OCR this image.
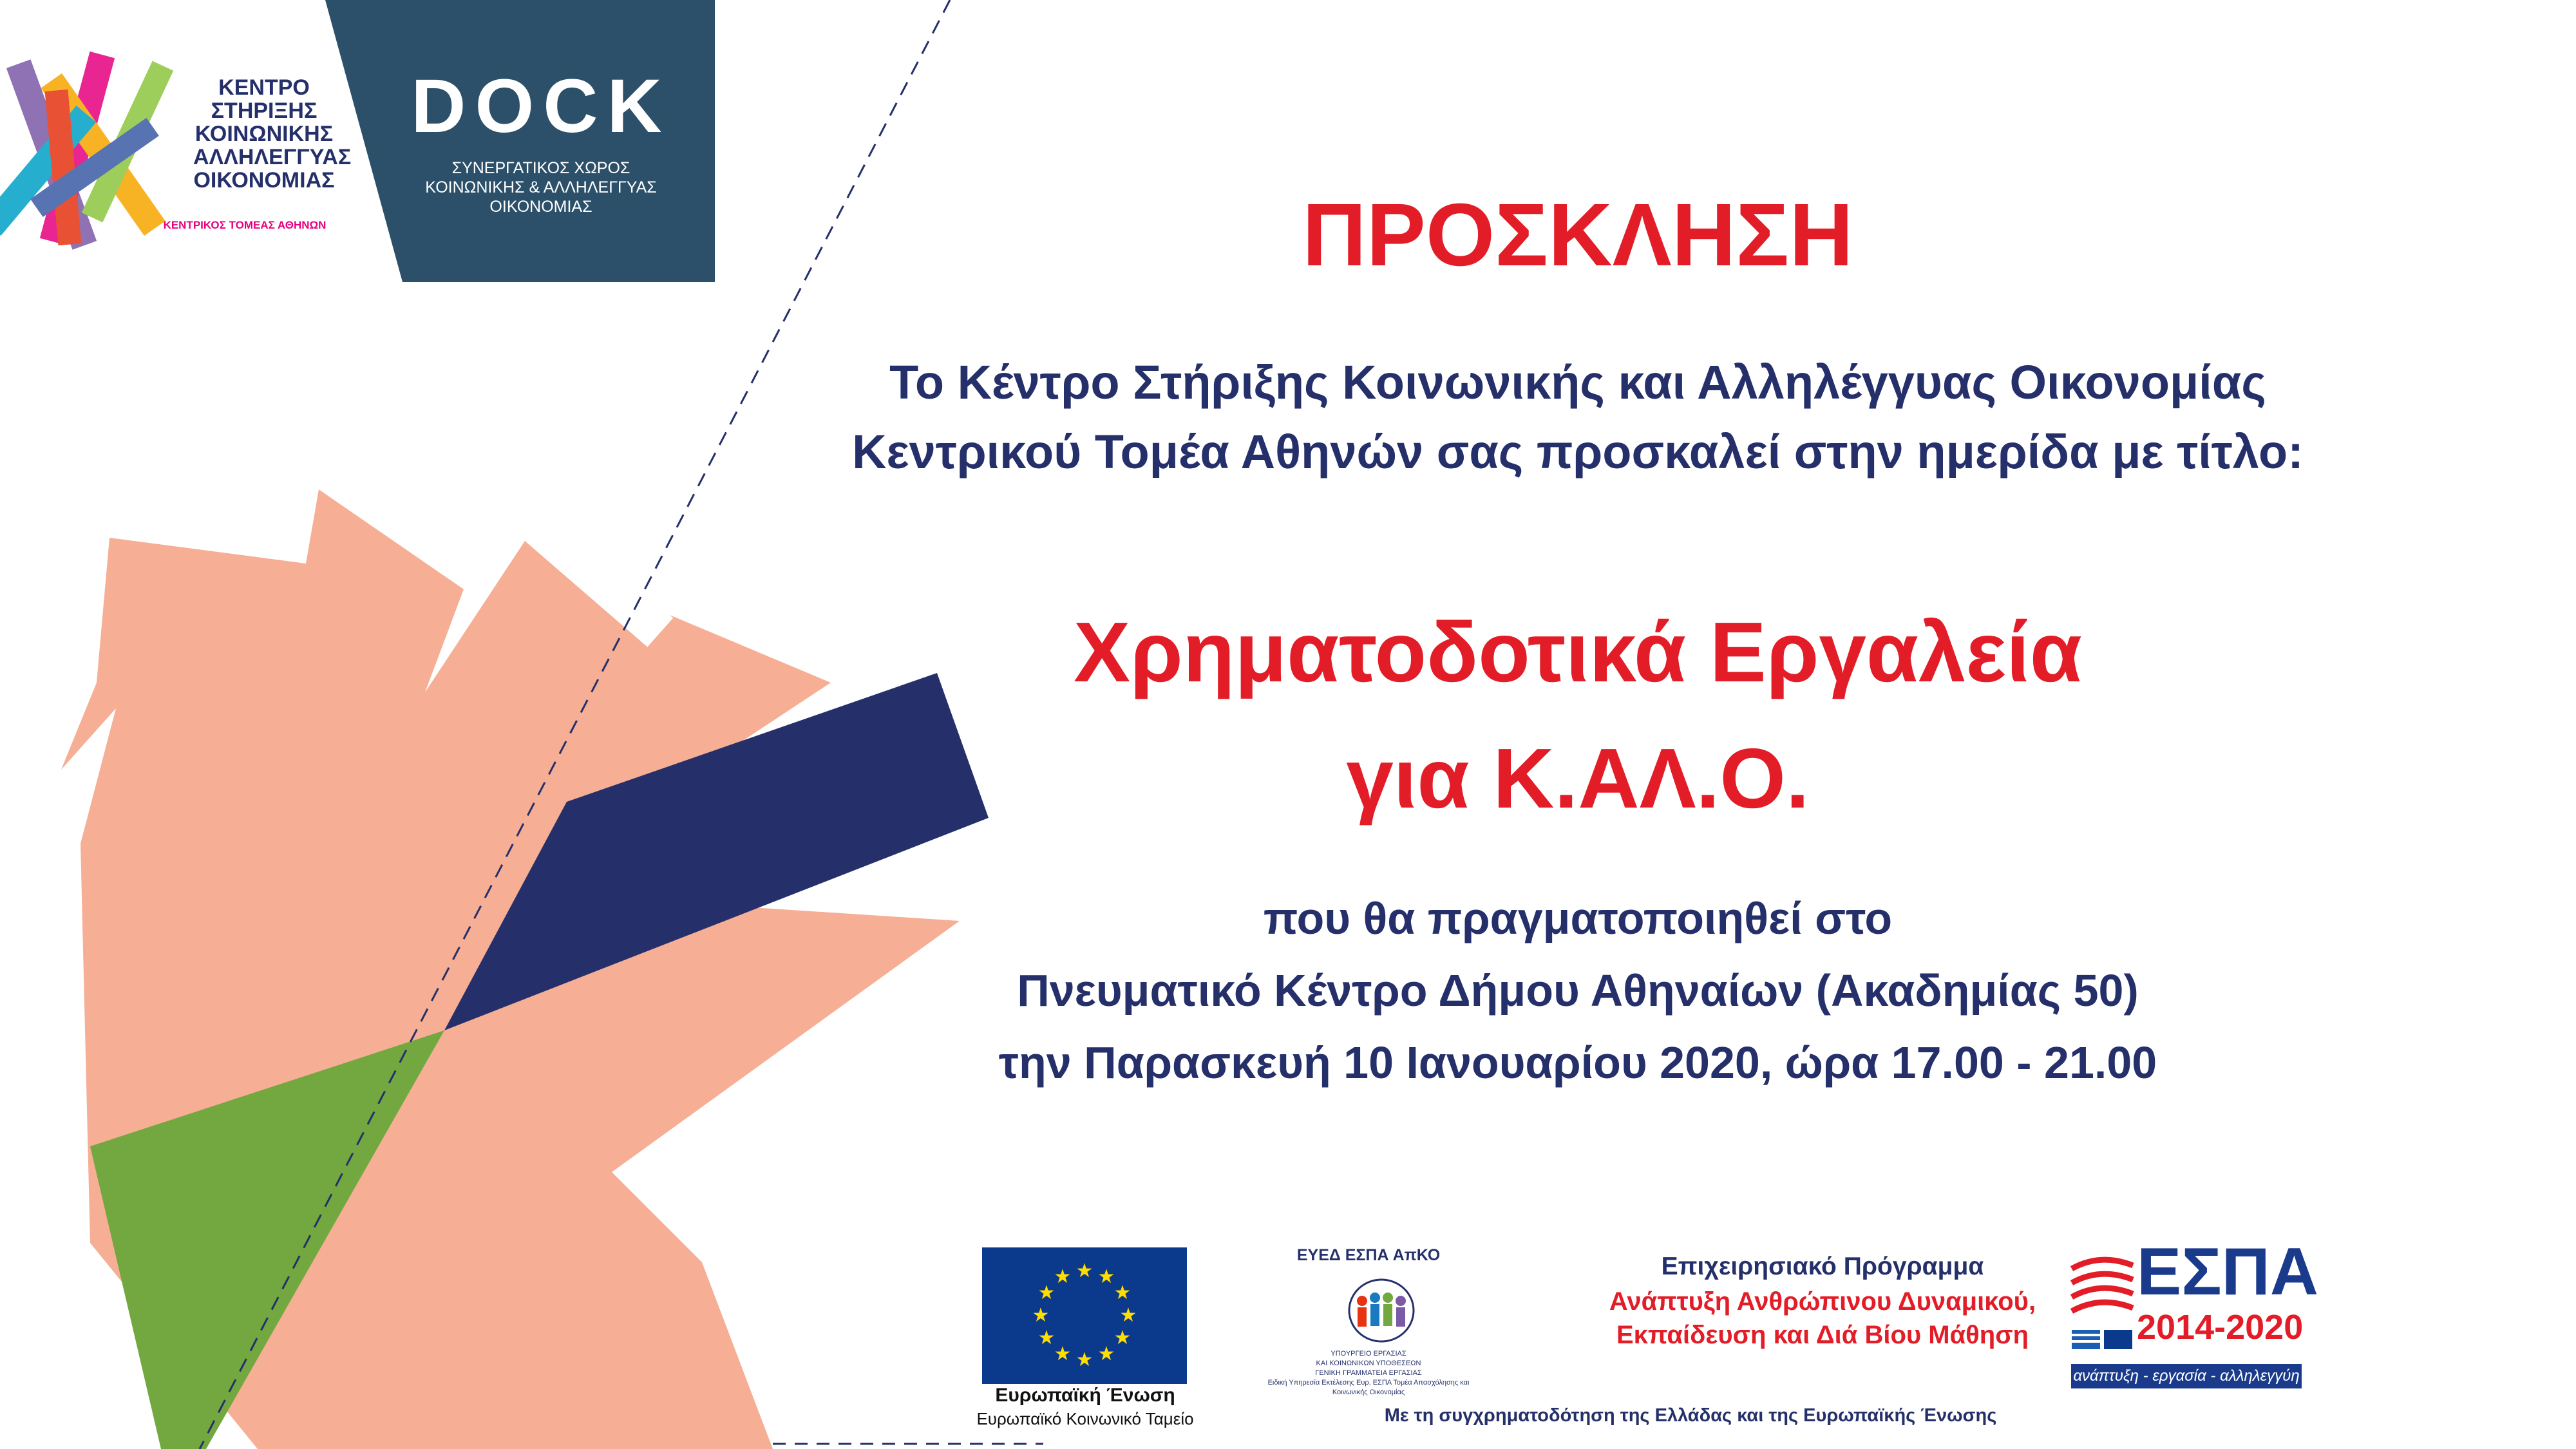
ΚΕΝΤΡΟ
ΣΤΗΡΙΞΗΣ
ΚΟΙΝΩΝΙΚΗΣ
ΑΛΛΗΛΕΓΓΥΑΣ
ΟΙΚΟΝΟΜΙΑΣ
ΚΕΝΤΡΙΚΟΣ ΤΟΜΕΑΣ ΑΘΗΝΩΝ
DOCK
ΣΥΝΕΡΓΑΤΙΚΟΣ ΧΩΡΟΣ
ΚΟΙΝΩΝΙΚΗΣ & ΑΛΛΗΛΕΓΓΥΑΣ
ΟΙΚΟΝΟΜΙΑΣ	ΠΡΟΣΚΛΗΣΗ
Το Κέντρο Στήριξης Κοινωνικής και Αλληλέγγυας Οικονομίας
Κεντρικού Τομέα Αθηνών σας προσκαλεί στην ημερίδα με τίτλο:
Χρηματοδοτικά Εργαλεία
για Κ.ΑΛ.Ο.
που θα πραγματοποιηθεί στο
Πνευματικό Κέντρο Δήμου Αθηναίων (Ακαδημίας 50)
την Παρασκευή 10 Ιανουαρίου 2020, ώρα 17.00 - 21.00
★ ★
★
★
★
★
★
★
★
★
★
★
Ευρωπαϊκή Ένωση
Ευρωπαϊκό Κοινωνικό Ταμείο
ΕΥΕΔ ΕΣΠΑ ΑπΚΟ
ΥΠΟΥΡΓΕΙΟ ΕΡΓΑΣΙΑΣ
ΚΑΙ ΚΟΙΝΩΝΙΚΩΝ ΥΠΟΘΕΣΕΩΝ
ΓΕΝΙΚΗ ΓΡΑΜΜΑΤΕΙΑ ΕΡΓΑΣΙΑΣ
Ειδική Υπηρεσία Εκτέλεσης Ευρ. ΕΣΠΑ Τομέα Απασχόλησης και Κοινωνικής Οικονομίας
Επιχειρησιακό Πρόγραμμα
Ανάπτυξη Ανθρώπινου Δυναμικού,
Εκπαίδευση και Διά Βίου Μάθηση
ΕΣΠΑ
2014-2020
ανάπτυξη - εργασία - αλληλεγγύη
Με τη συγχρηματοδότηση της Ελλάδας και της Ευρωπαϊκής Ένωσης
